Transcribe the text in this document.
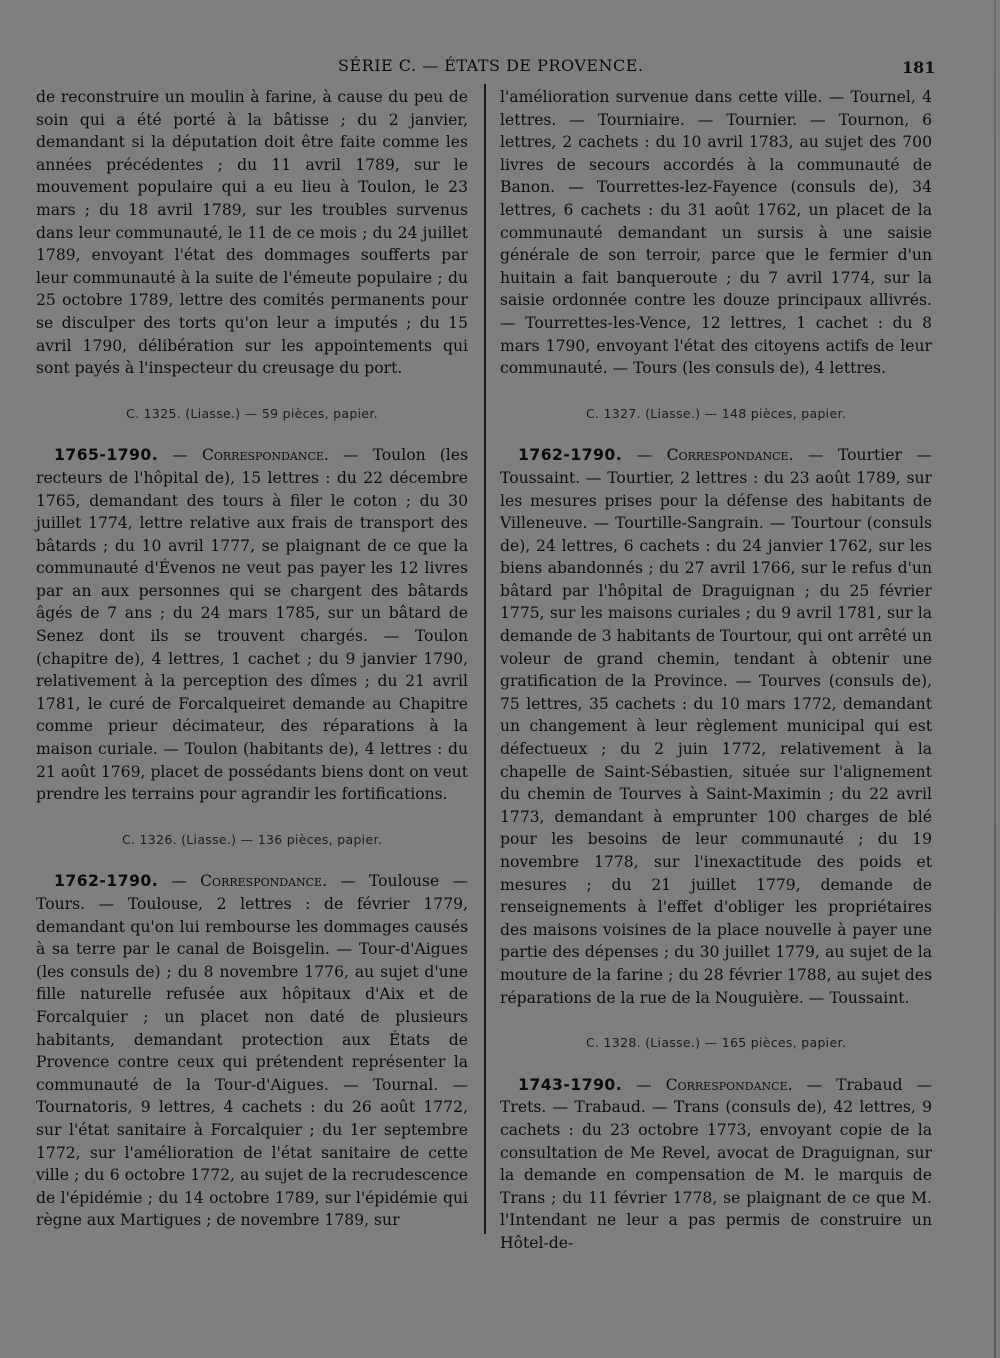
SÉRIE C. — ÉTATS DE PROVENCE.	181

de reconstruire un moulin à farine, à cause du peu de soin qui a été porté à la bâtisse ; du 2 janvier, demandant si la députation doit être faite comme les années précédentes ; du 11 avril 1789, sur le mouvement populaire qui a eu lieu à Toulon, le 23 mars ; du 18 avril 1789, sur les troubles survenus dans leur communauté, le 11 de ce mois ; du 24 juillet 1789, envoyant l'état des dommages soufferts par leur communauté à la suite de l'émeute populaire ; du 25 octobre 1789, lettre des comités permanents pour se disculper des torts qu'on leur a imputés ; du 15 avril 1790, délibération sur les appointements qui sont payés à l'inspecteur du creusage du port.

C. 1325. (Liasse.) — 59 pièces, papier.

1765-1790. — Correspondance. — Toulon (les recteurs de l'hôpital de), 15 lettres : du 22 décembre 1765, demandant des tours à filer le coton ; du 30 juillet 1774, lettre relative aux frais de transport des bâtards ; du 10 avril 1777, se plaignant de ce que la communauté d'Évenos ne veut pas payer les 12 livres par an aux personnes qui se chargent des bâtards âgés de 7 ans ; du 24 mars 1785, sur un bâtard de Senez dont ils se trouvent chargés. — Toulon (chapitre de), 4 lettres, 1 cachet ; du 9 janvier 1790, relativement à la perception des dîmes ; du 21 avril 1781, le curé de Forcalqueiret demande au Chapitre comme prieur décimateur, des réparations à la maison curiale. — Toulon (habitants de), 4 lettres : du 21 août 1769, placet de possédants biens dont on veut prendre les terrains pour agrandir les fortifications.

C. 1326. (Liasse.) — 136 pièces, papier.

1762-1790. — Correspondance. — Toulouse — Tours. — Toulouse, 2 lettres : de février 1779, demandant qu'on lui rembourse les dommages causés à sa terre par le canal de Boisgelin. — Tour-d'Aigues (les consuls de) ; du 8 novembre 1776, au sujet d'une fille naturelle refusée aux hôpitaux d'Aix et de Forcalquier ; un placet non daté de plusieurs habitants, demandant protection aux États de Provence contre ceux qui prétendent représenter la communauté de la Tour-d'Aigues. — Tournal. — Tournatoris, 9 lettres, 4 cachets : du 26 août 1772, sur l'état sanitaire à Forcalquier ; du 1er septembre 1772, sur l'amélioration de l'état sanitaire de cette ville ; du 6 octobre 1772, au sujet de la recrudescence de l'épidémie ; du 14 octobre 1789, sur l'épidémie qui règne aux Martigues ; de novembre 1789, sur

l'amélioration survenue dans cette ville. — Tournel, 4 lettres. — Tourniaire. — Tournier. — Tournon, 6 lettres, 2 cachets : du 10 avril 1783, au sujet des 700 livres de secours accordés à la communauté de Banon. — Tourrettes-lez-Fayence (consuls de), 34 lettres, 6 cachets : du 31 août 1762, un placet de la communauté demandant un sursis à une saisie générale de son terroir, parce que le fermier d'un huitain a fait banqueroute ; du 7 avril 1774, sur la saisie ordonnée contre les douze principaux allivrés. — Tourrettes-les-Vence, 12 lettres, 1 cachet : du 8 mars 1790, envoyant l'état des citoyens actifs de leur communauté. — Tours (les consuls de), 4 lettres.

C. 1327. (Liasse.) — 148 pièces, papier.

1762-1790. — Correspondance. — Tourtier — Toussaint. — Tourtier, 2 lettres : du 23 août 1789, sur les mesures prises pour la défense des habitants de Villeneuve. — Tourtille-Sangrain. — Tourtour (consuls de), 24 lettres, 6 cachets : du 24 janvier 1762, sur les biens abandonnés ; du 27 avril 1766, sur le refus d'un bâtard par l'hôpital de Draguignan ; du 25 février 1775, sur les maisons curiales ; du 9 avril 1781, sur la demande de 3 habitants de Tourtour, qui ont arrêté un voleur de grand chemin, tendant à obtenir une gratification de la Province. — Tourves (consuls de), 75 lettres, 35 cachets : du 10 mars 1772, demandant un changement à leur règlement municipal qui est défectueux ; du 2 juin 1772, relativement à la chapelle de Saint-Sébastien, située sur l'alignement du chemin de Tourves à Saint-Maximin ; du 22 avril 1773, demandant à emprunter 100 charges de blé pour les besoins de leur communauté ; du 19 novembre 1778, sur l'inexactitude des poids et mesures ; du 21 juillet 1779, demande de renseignements à l'effet d'obliger les propriétaires des maisons voisines de la place nouvelle à payer une partie des dépenses ; du 30 juillet 1779, au sujet de la mouture de la farine ; du 28 février 1788, au sujet des réparations de la rue de la Nouguière. — Toussaint.

C. 1328. (Liasse.) — 165 pièces, papier.

1743-1790. — Correspondance. — Trabaud — Trets. — Trabaud. — Trans (consuls de), 42 lettres, 9 cachets : du 23 octobre 1773, envoyant copie de la consultation de Me Revel, avocat de Draguignan, sur la demande en compensation de M. le marquis de Trans ; du 11 février 1778, se plaignant de ce que M. l'Intendant ne leur a pas permis de construire un Hôtel-de-
